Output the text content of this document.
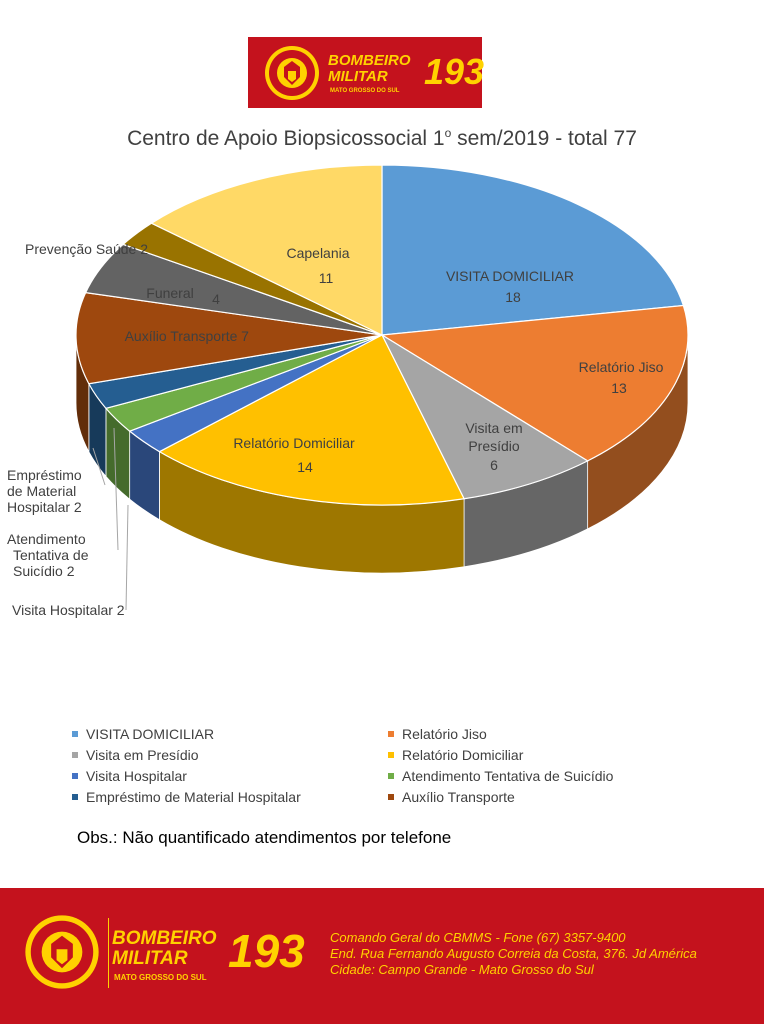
BOMBEIRO
MILITAR
MATO GROSSO DO SUL 193
Centro de Apoio Biopsicossocial 1$^o$ sem/2019 - total 77
VISITA DOMICILIAR
18
Relatório Jiso
13
Visita em
Presídio
6
Relatório Domiciliar
14
Auxílio Transporte 7
Funeral 4
Capelania
11
Prevenção Saúde 2
Empréstimo
de Material
Hospitalar 2
Atendimento
Tentativa de
Suicídio 2
Visita Hospitalar 2
VISITA DOMICILIAR	Relatório Jiso
Visita em Presídio	Relatório Domiciliar
Visita Hospitalar	Atendimento Tentativa de Suicídio
Empréstimo de Material Hospitalar	Auxílio Transporte
Obs.: Não quantificado atendimentos por telefone
BOMBEIRO
MILITAR
MATO GROSSO DO SUL
193 Comando Geral do CBMMS - Fone (67) 3357-9400
End. Rua Fernando Augusto Correia da Costa, 376. Jd América
Cidade: Campo Grande - Mato Grosso do Sul
